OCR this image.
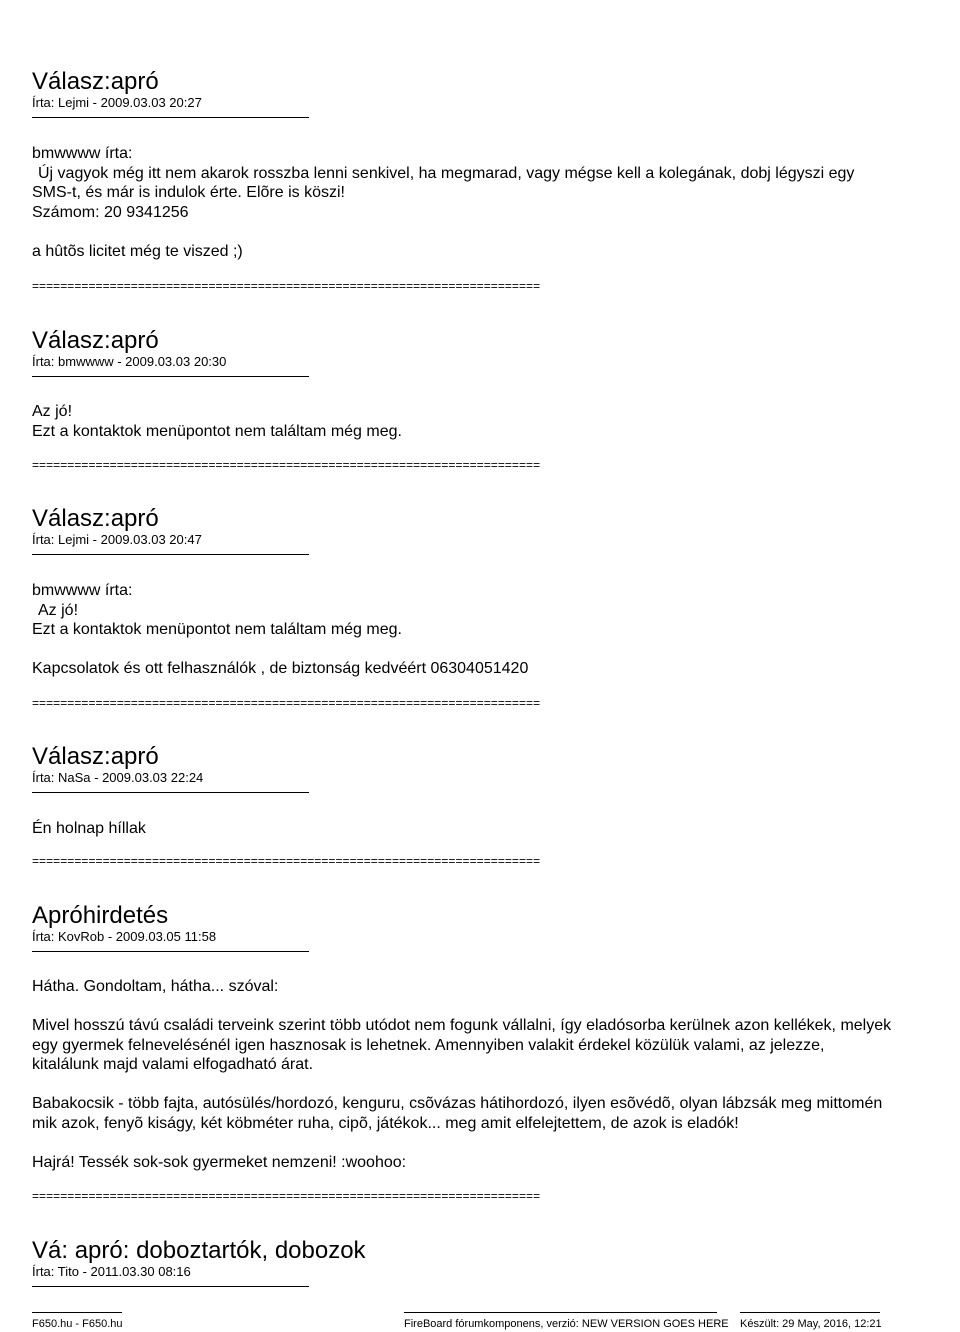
Válasz:apró

Írta: Lejmi - 2009.03.03 20:27

bmwwww írta:
Új vagyok még itt nem akarok rosszba lenni senkivel, ha megmarad, vagy mégse kell a kolegának, dobj légyszi egy
SMS-t, és már is indulok érte. Elõre is köszi!
Számom: 20 9341256
a hûtõs licitet még te viszed ;)
========================================================================
Válasz:apró

Írta: bmwwww - 2009.03.03 20:30

Az jó!
Ezt a kontaktok menüpontot nem találtam még meg.
========================================================================
Válasz:apró

Írta: Lejmi - 2009.03.03 20:47

bmwwww írta:
Az jó!
Ezt a kontaktok menüpontot nem találtam még meg.
Kapcsolatok és ott felhasználók , de biztonság kedvéért 06304051420
========================================================================
Válasz:apró

Írta: NaSa - 2009.03.03 22:24

Én holnap híllak
========================================================================
Apróhirdetés

Írta: KovRob - 2009.03.05 11:58

Hátha. Gondoltam, hátha... szóval:
Mivel hosszú távú családi terveink szerint több utódot nem fogunk vállalni, így eladósorba kerülnek azon kellékek, melyek
egy gyermek felnevelésénél igen hasznosak is lehetnek. Amennyiben valakit érdekel közülük valami, az jelezze,
kitalálunk majd valami elfogadható árat.
Babakocsik - több fajta, autósülés/hordozó, kenguru, csõvázas hátihordozó, ilyen esõvédõ, olyan lábzsák meg mittomén
mik azok, fenyõ kiságy, két köbméter ruha, cipõ, játékok... meg amit elfelejtettem, de azok is eladók!
Hajrá! Tessék sok-sok gyermeket nemzeni! :woohoo:
========================================================================
Vá: apró: doboztartók, dobozok

Írta: Tito - 2011.03.30 08:16

F650.hu - F650.hu	FireBoard fórumkomponens, verzió: NEW VERSION GOES HERE Készült: 29 May, 2016, 12:21
